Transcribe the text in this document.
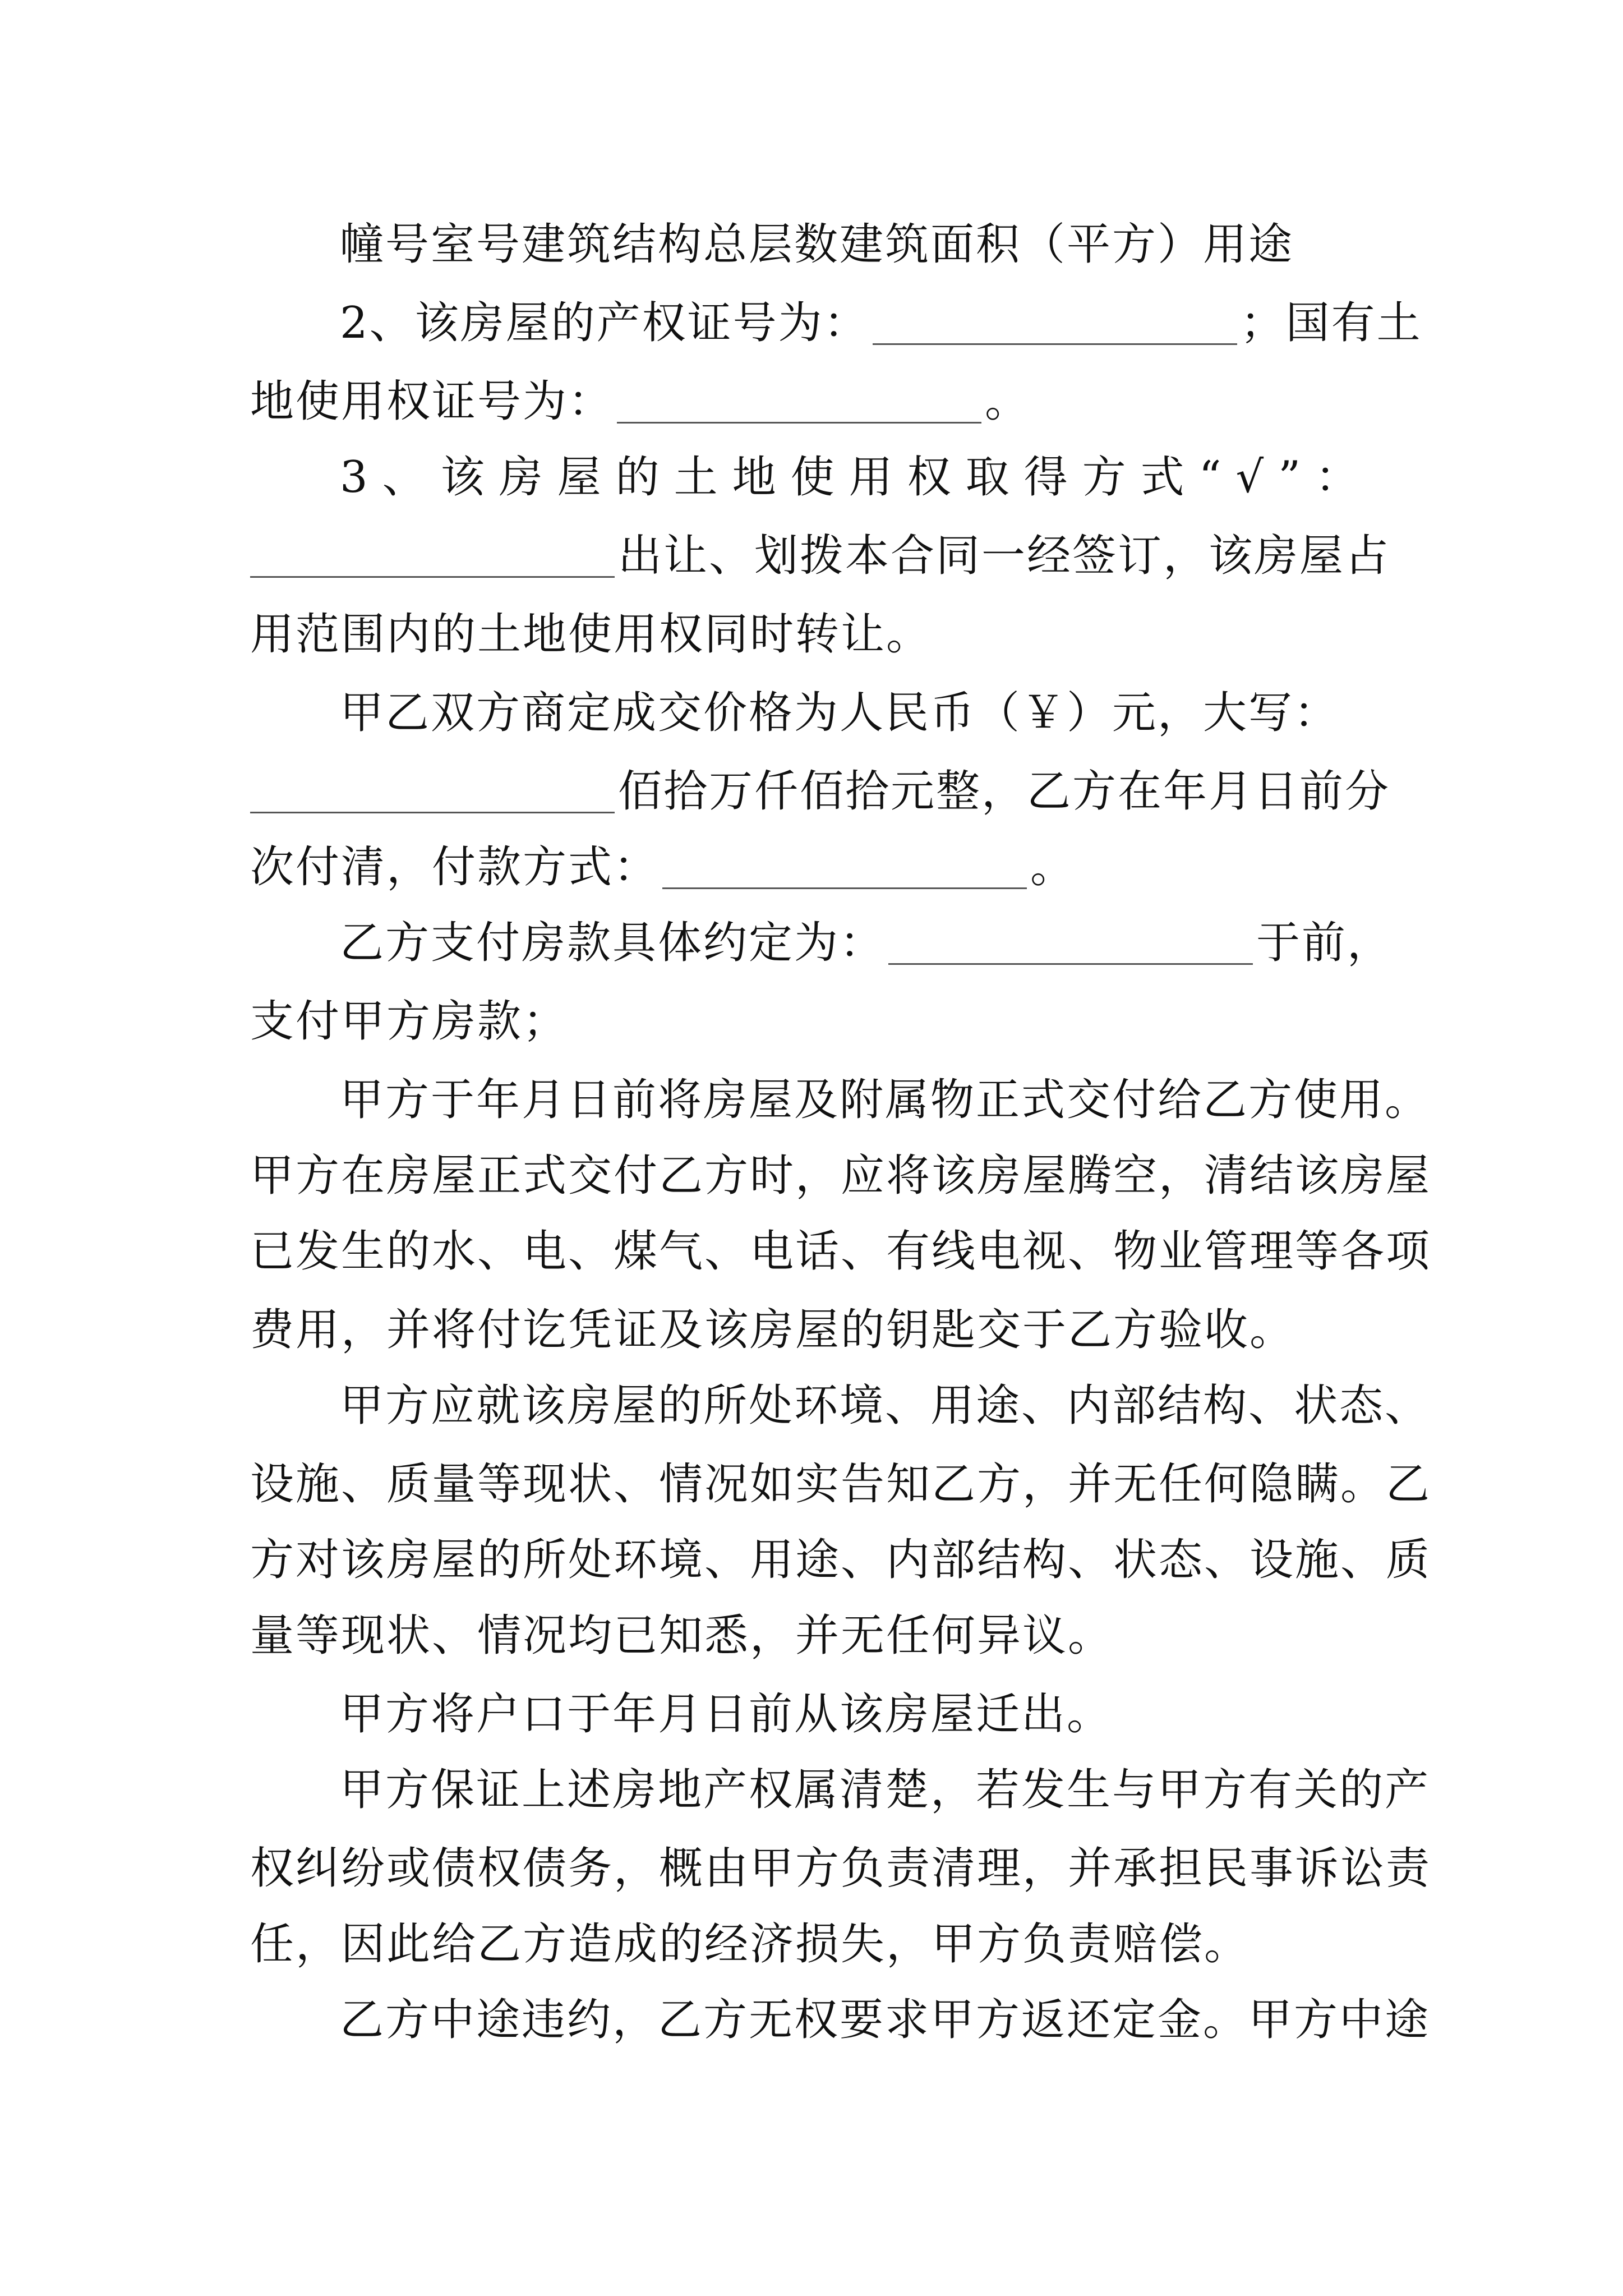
幢号室号建筑结构总层数建筑面积（平方）用途
2、该房屋的产权证号为：	；国有土
地使用权证号为：	。
3、该房屋的土地使用权取得方式“√”：
出让、划拨本合同一经签订，该房屋占
用范围内的土地使用权同时转让。
甲乙双方商定成交价格为人民币（￥）元，大写：
佰拾万仟佰拾元整，乙方在年月日前分
次付清，付款方式：	。
乙方支付房款具体约定为：	于前，
支付甲方房款；
甲方于年月日前将房屋及附属物正式交付给乙方使用。
甲方在房屋正式交付乙方时，应将该房屋腾空，清结该房屋
已发生的水、电、煤气、电话、有线电视、物业管理等各项
费用，并将付讫凭证及该房屋的钥匙交于乙方验收。
甲方应就该房屋的所处环境、用途、内部结构、状态、
设施、质量等现状、情况如实告知乙方，并无任何隐瞒。乙
方对该房屋的所处环境、用途、内部结构、状态、设施、质
量等现状、情况均已知悉，并无任何异议。
甲方将户口于年月日前从该房屋迁出。
甲方保证上述房地产权属清楚，若发生与甲方有关的产
权纠纷或债权债务，概由甲方负责清理，并承担民事诉讼责
任，因此给乙方造成的经济损失，甲方负责赔偿。
乙方中途违约，乙方无权要求甲方返还定金。甲方中途
